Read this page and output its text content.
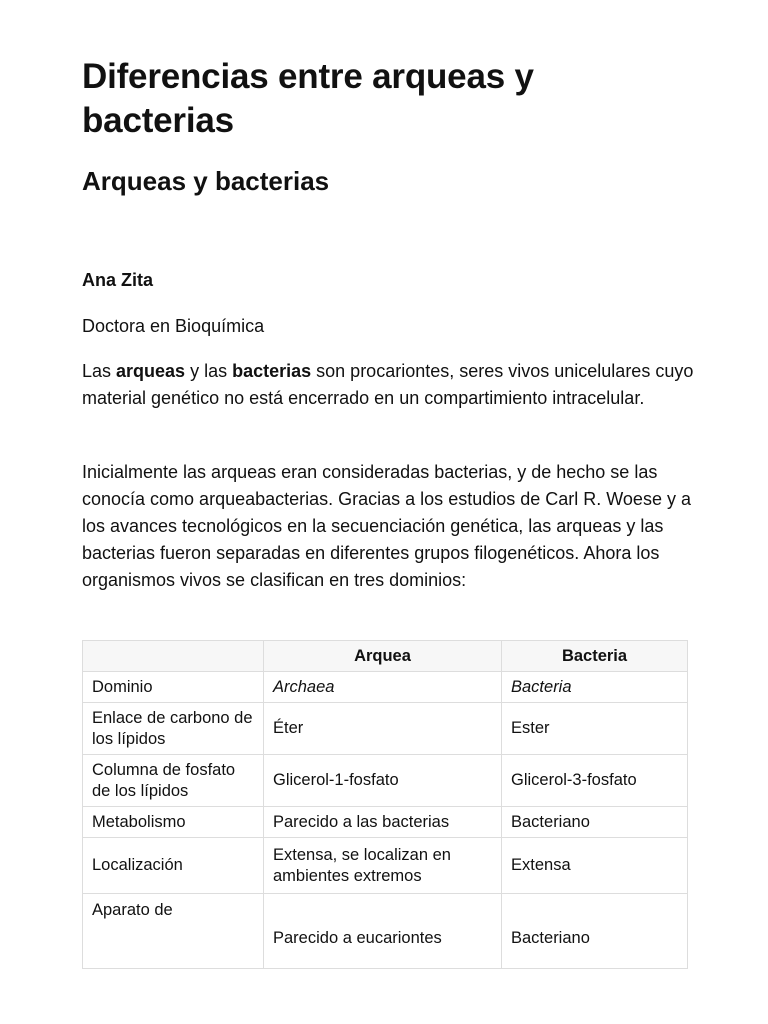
Diferencias entre arqueas y bacterias
Arqueas y bacterias
Ana Zita
Doctora en Bioquímica

Las arqueas y las bacterias son procariontes, seres vivos unicelulares cuyo material genético no está encerrado en un compartimiento intracelular.

Inicialmente las arqueas eran consideradas bacterias, y de hecho se las conocía como arqueabacterias. Gracias a los estudios de Carl R. Woese y a los avances tecnológicos en la secuenciación genética, las arqueas y las bacterias fueron separadas en diferentes grupos filogenéticos. Ahora los organismos vivos se clasifican en tres dominios:

	Arquea	Bacteria
Dominio	Archaea	Bacteria
Enlace de carbono de los lípidos	Éter	Ester
Columna de fosfato de los lípidos	Glicerol-1-fosfato	Glicerol-3-fosfato
Metabolismo	Parecido a las bacterias	Bacteriano
Localización	Extensa, se localizan en ambientes extremos	Extensa
Aparato de	Parecido a eucariontes	Bacteriano
